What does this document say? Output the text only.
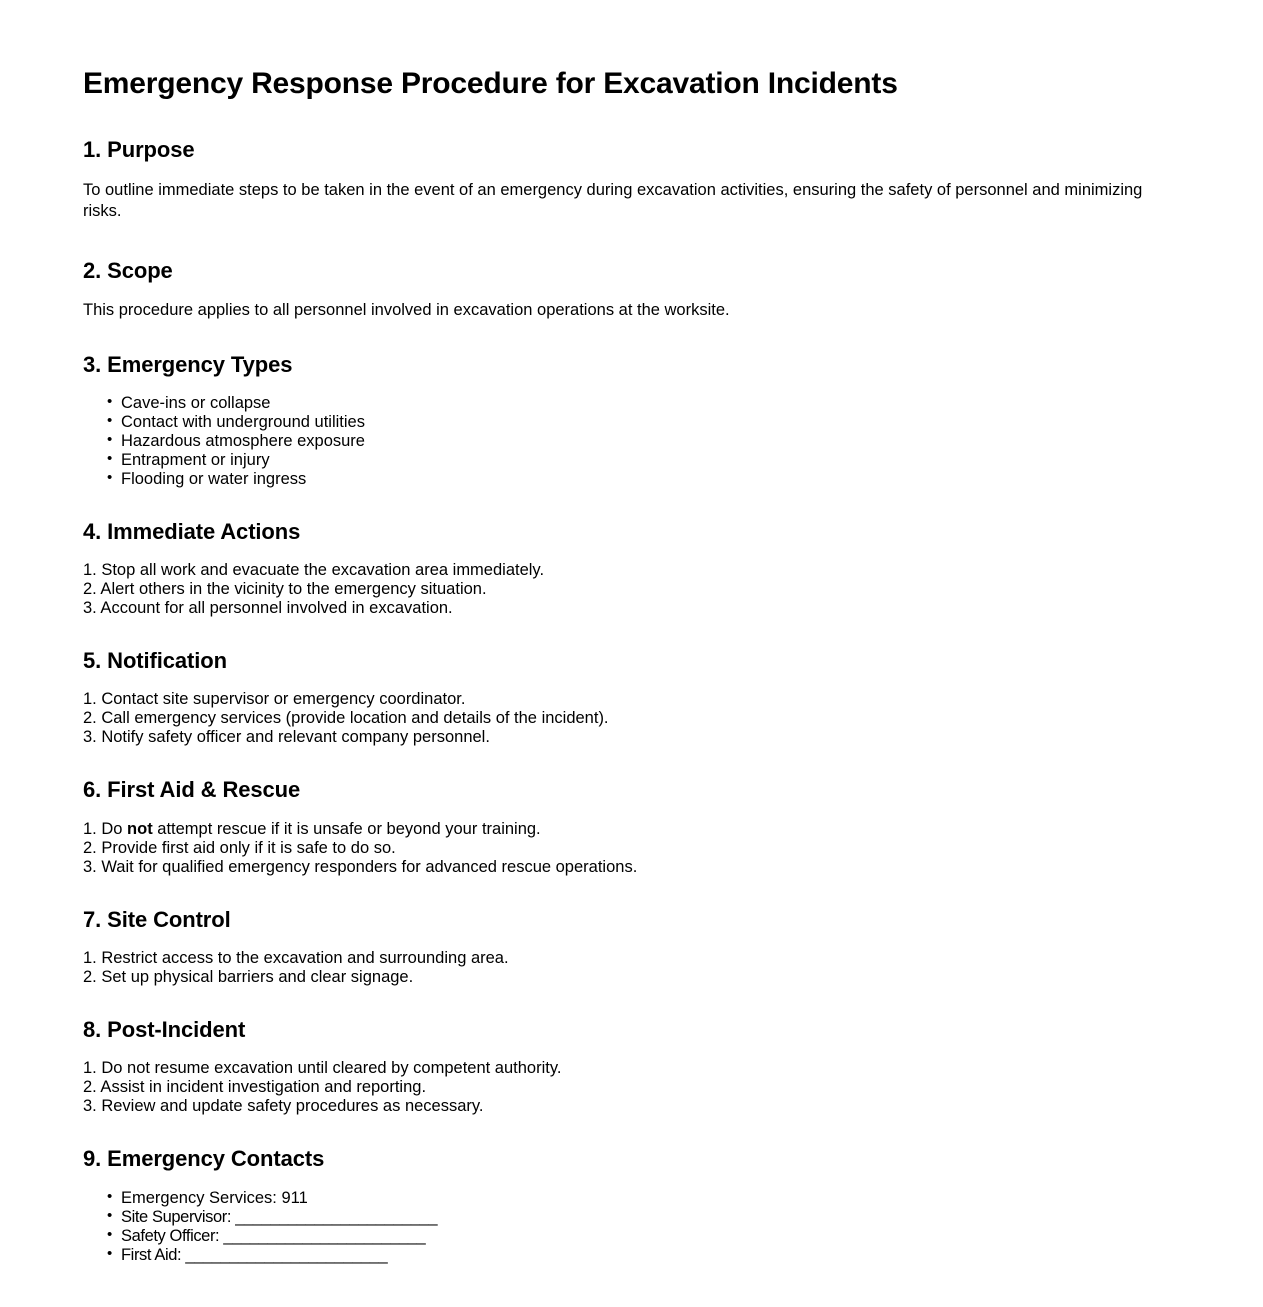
Emergency Response Procedure for Excavation Incidents
1. Purpose

To outline immediate steps to be taken in the event of an emergency during excavation activities, ensuring the safety of personnel and minimizing risks.

2. Scope

This procedure applies to all personnel involved in excavation operations at the worksite.

3. Emergency Types
• Cave-ins or collapse
• Contact with underground utilities
• Hazardous atmosphere exposure
• Entrapment or injury
• Flooding or water ingress
4. Immediate Actions
1. Stop all work and evacuate the excavation area immediately.
2. Alert others in the vicinity to the emergency situation.
3. Account for all personnel involved in excavation.
5. Notification
1. Contact site supervisor or emergency coordinator.
2. Call emergency services (provide location and details of the incident).
3. Notify safety officer and relevant company personnel.
6. First Aid & Rescue
1. Do not attempt rescue if it is unsafe or beyond your training.
2. Provide first aid only if it is safe to do so.
3. Wait for qualified emergency responders for advanced rescue operations.
7. Site Control
1. Restrict access to the excavation and surrounding area.
2. Set up physical barriers and clear signage.
8. Post-Incident
1. Do not resume excavation until cleared by competent authority.
2. Assist in incident investigation and reporting.
3. Review and update safety procedures as necessary.
9. Emergency Contacts
• Emergency Services: 911
• Site Supervisor: _______________________
• Safety Officer: _______________________
• First Aid: _______________________
